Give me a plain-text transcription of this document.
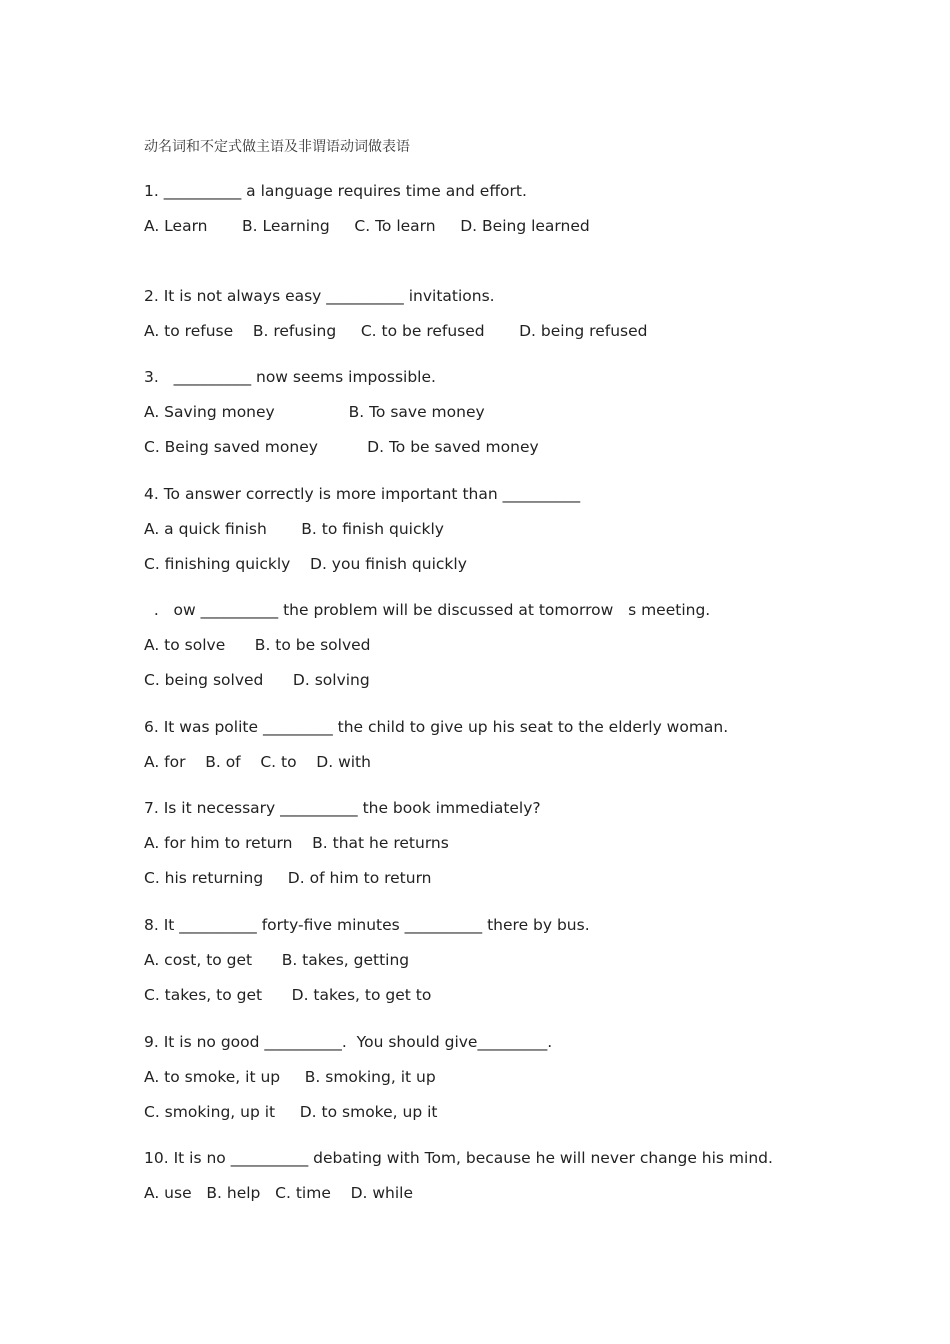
动名词和不定式做主语及非谓语动词做表语
1. __________ a language requires time and effort.
A. Learn       B. Learning     C. To learn     D. Being learned
2. It is not always easy __________ invitations.
A. to refuse    B. refusing     C. to be refused       D. being refused
3.   __________ now seems impossible.
A. Saving money               B. To save money
C. Being saved money          D. To be saved money
4. To answer correctly is more important than __________
A. a quick finish       B. to finish quickly
C. finishing quickly    D. you finish quickly
.   ow __________ the problem will be discussed at tomorrow   s meeting.
A. to solve      B. to be solved
C. being solved      D. solving
6. It was polite _________ the child to give up his seat to the elderly woman.
A. for    B. of    C. to    D. with
7. Is it necessary __________ the book immediately?
A. for him to return    B. that he returns
C. his returning     D. of him to return
8. It __________ forty-five minutes __________ there by bus.
A. cost, to get      B. takes, getting
C. takes, to get      D. takes, to get to
9. It is no good __________.  You should give_________.
A. to smoke, it up     B. smoking, it up
C. smoking, up it     D. to smoke, up it
10. It is no __________ debating with Tom, because he will never change his mind.
A. use   B. help   C. time    D. while
